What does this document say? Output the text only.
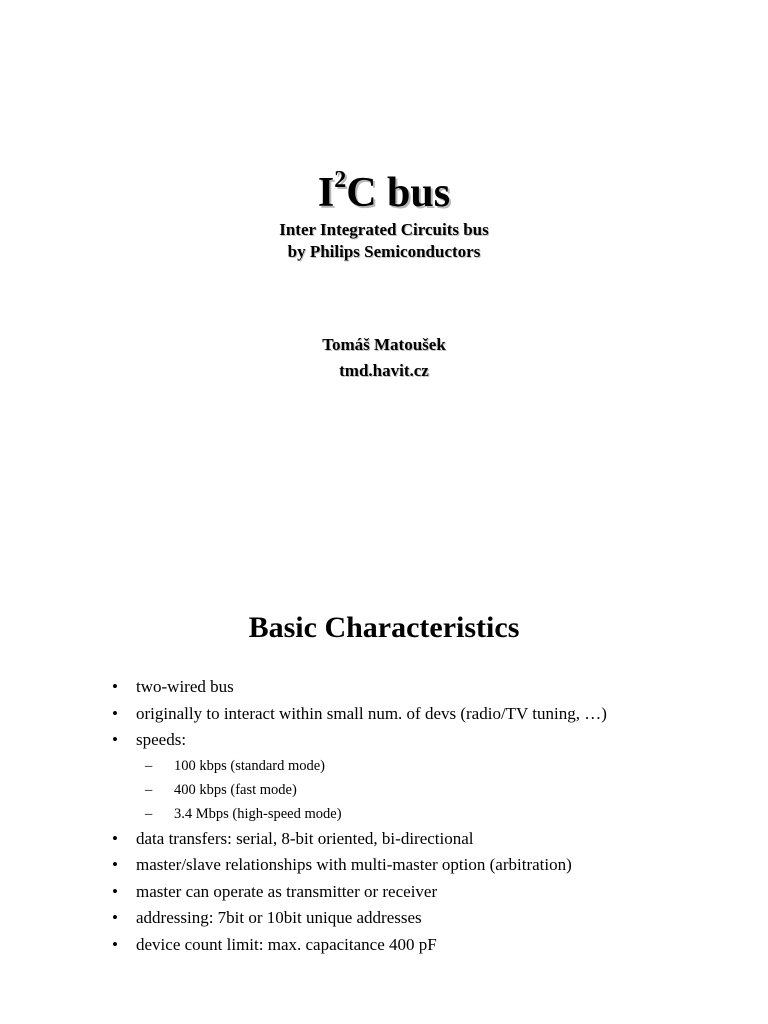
$I^2C$ bus
Inter Integrated Circuits bus
by Philips Semiconductors
Tomáš Matoušek
tmd.havit.cz
Basic Characteristics
• two-wired bus
• originally to interact within small num. of devs (radio/TV tuning, …)
• speeds:
– 100 kbps (standard mode)
– 400 kbps (fast mode)
– 3.4 Mbps (high-speed mode)
• data transfers: serial, 8-bit oriented, bi-directional
• master/slave relationships with multi-master option (arbitration)
• master can operate as transmitter or receiver
• addressing: 7bit or 10bit unique addresses
• device count limit: max. capacitance 400 pF
